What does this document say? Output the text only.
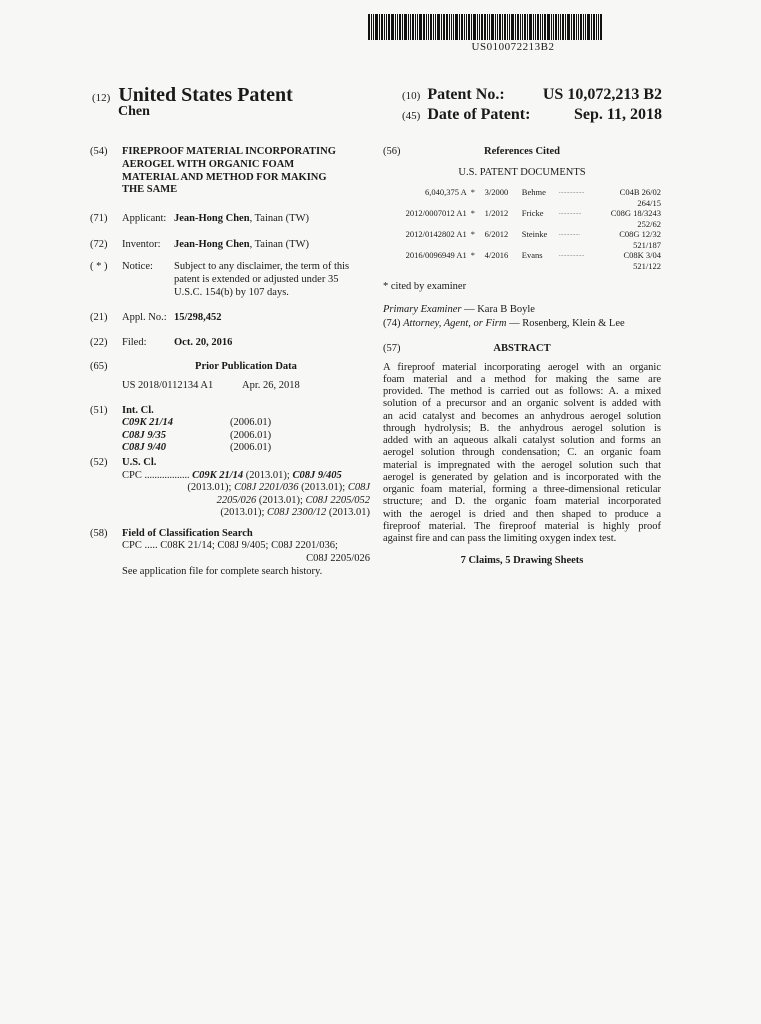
US010072213B2
(12) United States Patent
Chen
(10) Patent No.: US 10,072,213 B2
(45) Date of Patent:	Sep. 11, 2018
(54)	FIREPROOF MATERIAL INCORPORATING
AEROGEL WITH ORGANIC FOAM
MATERIAL AND METHOD FOR MAKING
THE SAME
(71)	Applicant: Jean-Hong Chen, Tainan (TW)
(72)	Inventor:	Jean-Hong Chen, Tainan (TW)
( * )	Notice:	Subject to any disclaimer, the term of this
patent is extended or adjusted under 35
U.S.C. 154(b) by 107 days.
(21)	Appl. No.: 15/298,452
(22)	Filed:	Oct. 20, 2016
(65)	Prior Publication Data
US 2018/0112134 A1	Apr. 26, 2018
(51)	Int. Cl.
C09K 21/14	(2006.01)
C08J 9/35	(2006.01)
C08J 9/40	(2006.01)
(52)	U.S. Cl.
CPC .................. C09K 21/14 (2013.01); C08J 9/405
(2013.01); C08J 2201/036 (2013.01); C08J
2205/026 (2013.01); C08J 2205/052
(2013.01); C08J 2300/12 (2013.01)
(58)	Field of Classification Search
CPC ..... C08K 21/14; C08J 9/405; C08J 2201/036;
C08J 2205/026
See application file for complete search history.
(56)	References Cited
U.S. PATENT DOCUMENTS
6,040,375 A	*	3/2000	Behme	.................	C04B 26/02
264/15					
2012/0007012 A1	*	1/2012	Fricke	...............	C08G 18/3243
252/62					
2012/0142802 A1	*	6/2012	Steinke	..............	C08G 12/32
521/187					
2016/0096949 A1	*	4/2016	Evans	.................	C08K 3/04
521/122					
* cited by examiner
Primary Examiner — Kara B Boyle
(74) Attorney, Agent, or Firm — Rosenberg, Klein & Lee
(57)	ABSTRACT
A fireproof material incorporating aerogel with an organic
foam material and a method for making the same are
provided. The method is carried out as follows: A. a mixed
solution of a precursor and an organic solvent is added with
an acid catalyst and becomes an anhydrous aerogel solution
through hydrolysis; B. the anhydrous aerogel solution is
added with an aqueous alkali catalyst solution and forms an
aerogel solution through condensation; C. an organic foam
material is impregnated with the aerogel solution such that
aerogel is generated by gelation and is incorporated with the
organic foam material, forming a three-dimensional reticular
structure; and D. the organic foam material incorporated
with the aerogel is dried and then shaped to produce a
fireproof material. The fireproof material is highly proof
against fire and can pass the limiting oxygen index test.
7 Claims, 5 Drawing Sheets
